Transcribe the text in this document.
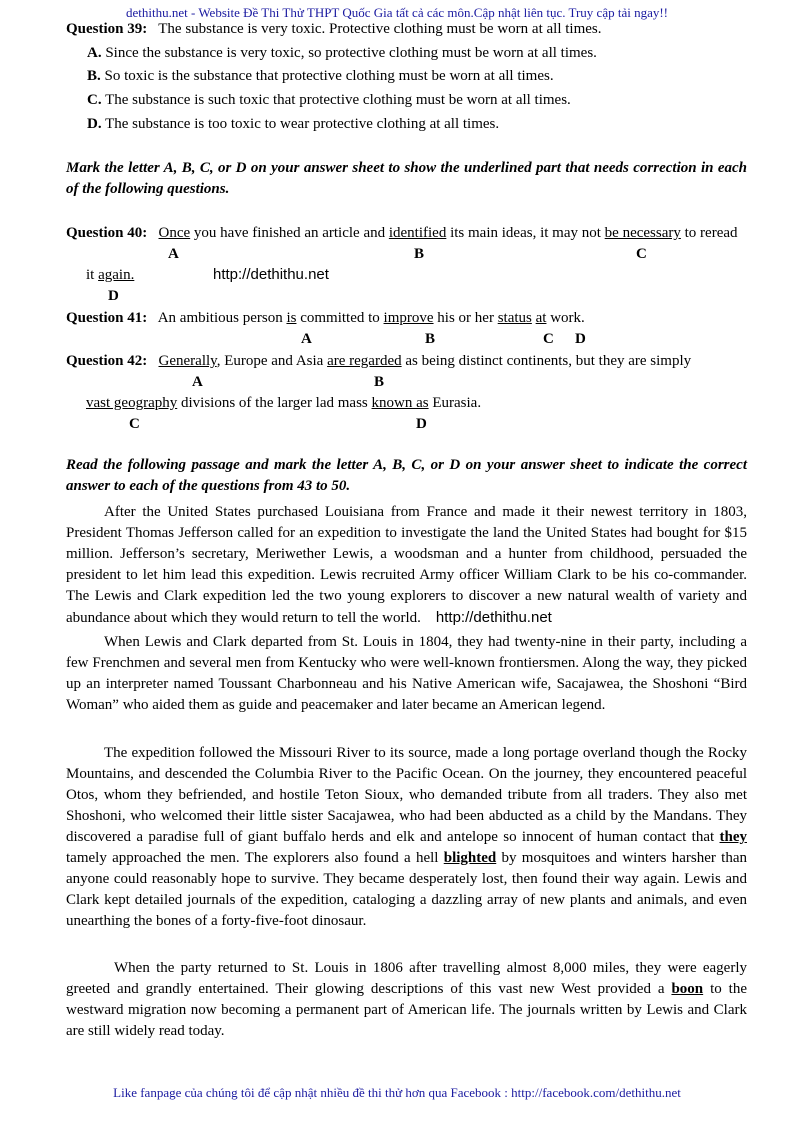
dethithu.net - Website Đề Thi Thử THPT Quốc Gia tất cả các môn.Cập nhật liên tục. Truy cập tải ngay!!
Question 39: The substance is very toxic. Protective clothing must be worn at all times.
A. Since the substance is very toxic, so protective clothing must be worn at all times.
B. So toxic is the substance that protective clothing must be worn at all times.
C. The substance is such toxic that protective clothing must be worn at all times.
D. The substance is too toxic to wear protective clothing at all times.

Mark the letter A, B, C, or D on your answer sheet to show the underlined part that needs correction in each of the following questions.

Question 40: Once you have finished an article and identified its main ideas, it may not be necessary to reread
A	B	C
it again.	http://dethithu.net
D
Question 41: An ambitious person is committed to improve his or her status at work.
A	B	C D
Question 42: Generally, Europe and Asia are regarded as being distinct continents, but they are simply
A	B
vast geography divisions of the larger lad mass known as Eurasia.
C	D

Read the following passage and mark the letter A, B, C, or D on your answer sheet to indicate the correct answer to each of the questions from 43 to 50.

After the United States purchased Louisiana from France and made it their newest territory in 1803, President Thomas Jefferson called for an expedition to investigate the land the United States had bought for $15 million. Jefferson’s secretary, Meriwether Lewis, a woodsman and a hunter from childhood, persuaded the president to let him lead this expedition. Lewis recruited Army officer William Clark to be his co-commander. The Lewis and Clark expedition led the two young explorers to discover a new natural wealth of variety and abundance about which they would return to tell the world. http://dethithu.net

When Lewis and Clark departed from St. Louis in 1804, they had twenty-nine in their party, including a few Frenchmen and several men from Kentucky who were well-known frontiersmen. Along the way, they picked up an interpreter named Toussant Charbonneau and his Native American wife, Sacajawea, the Shoshoni “Bird Woman” who aided them as guide and peacemaker and later became an American legend.

The expedition followed the Missouri River to its source, made a long portage overland though the Rocky Mountains, and descended the Columbia River to the Pacific Ocean. On the journey, they encountered peaceful Otos, whom they befriended, and hostile Teton Sioux, who demanded tribute from all traders. They also met Shoshoni, who welcomed their little sister Sacajawea, who had been abducted as a child by the Mandans. They discovered a paradise full of giant buffalo herds and elk and antelope so innocent of human contact that they tamely approached the men. The explorers also found a hell blighted by mosquitoes and winters harsher than anyone could reasonably hope to survive. They became desperately lost, then found their way again. Lewis and Clark kept detailed journals of the expedition, cataloging a dazzling array of new plants and animals, and even unearthing the bones of a forty-five-foot dinosaur.

When the party returned to St. Louis in 1806 after travelling almost 8,000 miles, they were eagerly greeted and grandly entertained. Their glowing descriptions of this vast new West provided a boon to the westward migration now becoming a permanent part of American life. The journals written by Lewis and Clark are still widely read today.

Like fanpage của chúng tôi để cập nhật nhiều đề thi thử hơn qua Facebook : http://facebook.com/dethithu.net
